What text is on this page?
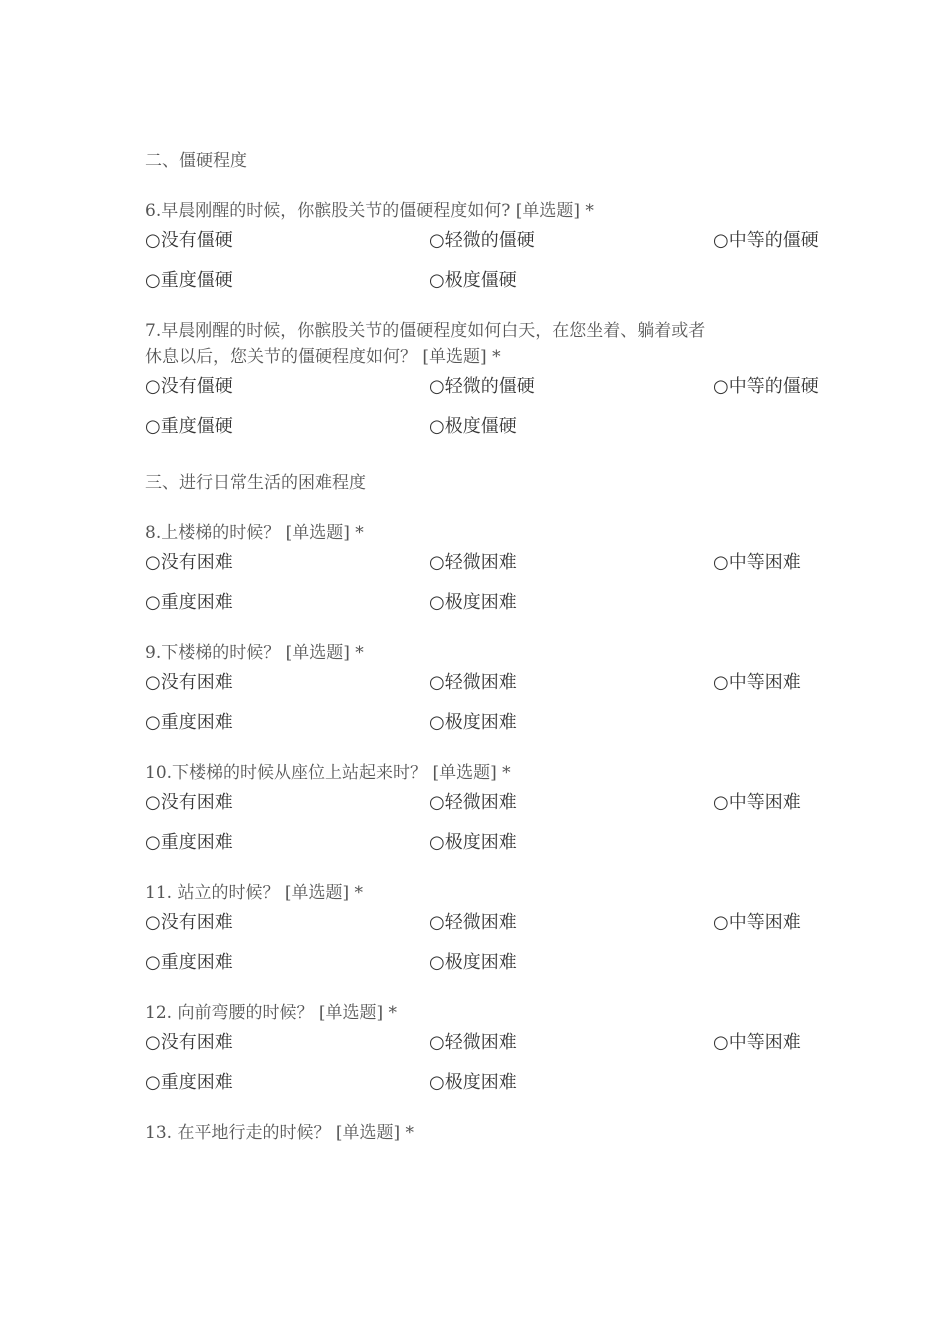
二、僵硬程度

6.早晨刚醒的时候，你髌股关节的僵硬程度如何? [单选题] *

○没有僵硬	○轻微的僵硬	○中等的僵硬
○重度僵硬	○极度僵硬

7.早晨刚醒的时候，你髌股关节的僵硬程度如何白天，在您坐着、躺着或者
休息以后，您关节的僵硬程度如何？ [单选题] *

○没有僵硬	○轻微的僵硬	○中等的僵硬
○重度僵硬	○极度僵硬

三、进行日常生活的困难程度

8.上楼梯的时候？ [单选题] *

○没有困难	○轻微困难	○中等困难
○重度困难	○极度困难

9.下楼梯的时候？ [单选题] *

○没有困难	○轻微困难	○中等困难
○重度困难	○极度困难

10.下楼梯的时候从座位上站起来时？ [单选题] *

○没有困难	○轻微困难	○中等困难
○重度困难	○极度困难

11. 站立的时候？ [单选题] *

○没有困难	○轻微困难	○中等困难
○重度困难	○极度困难

12. 向前弯腰的时候？ [单选题] *

○没有困难	○轻微困难	○中等困难
○重度困难	○极度困难

13. 在平地行走的时候？ [单选题] *
